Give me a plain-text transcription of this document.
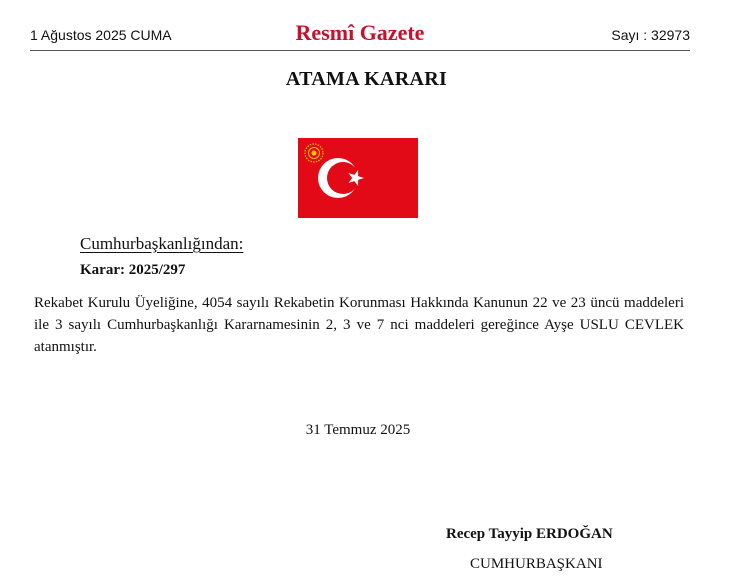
1 Ağustos 2025 CUMA	Resmî Gazete	Sayı : 32973
ATAMA KARARI
Cumhurbaşkanlığından:
Karar: 2025/297

Rekabet Kurulu Üyeliğine, 4054 sayılı Rekabetin Korunması Hakkında Kanunun 22 ve 23 üncü maddeleri ile 3 sayılı Cumhurbaşkanlığı Kararnamesinin 2, 3 ve 7 nci maddeleri gereğince Ayşe USLU CEVLEK atanmıştır.

31 Temmuz 2025
Recep Tayyip ERDOĞAN
CUMHURBAŞKANI
